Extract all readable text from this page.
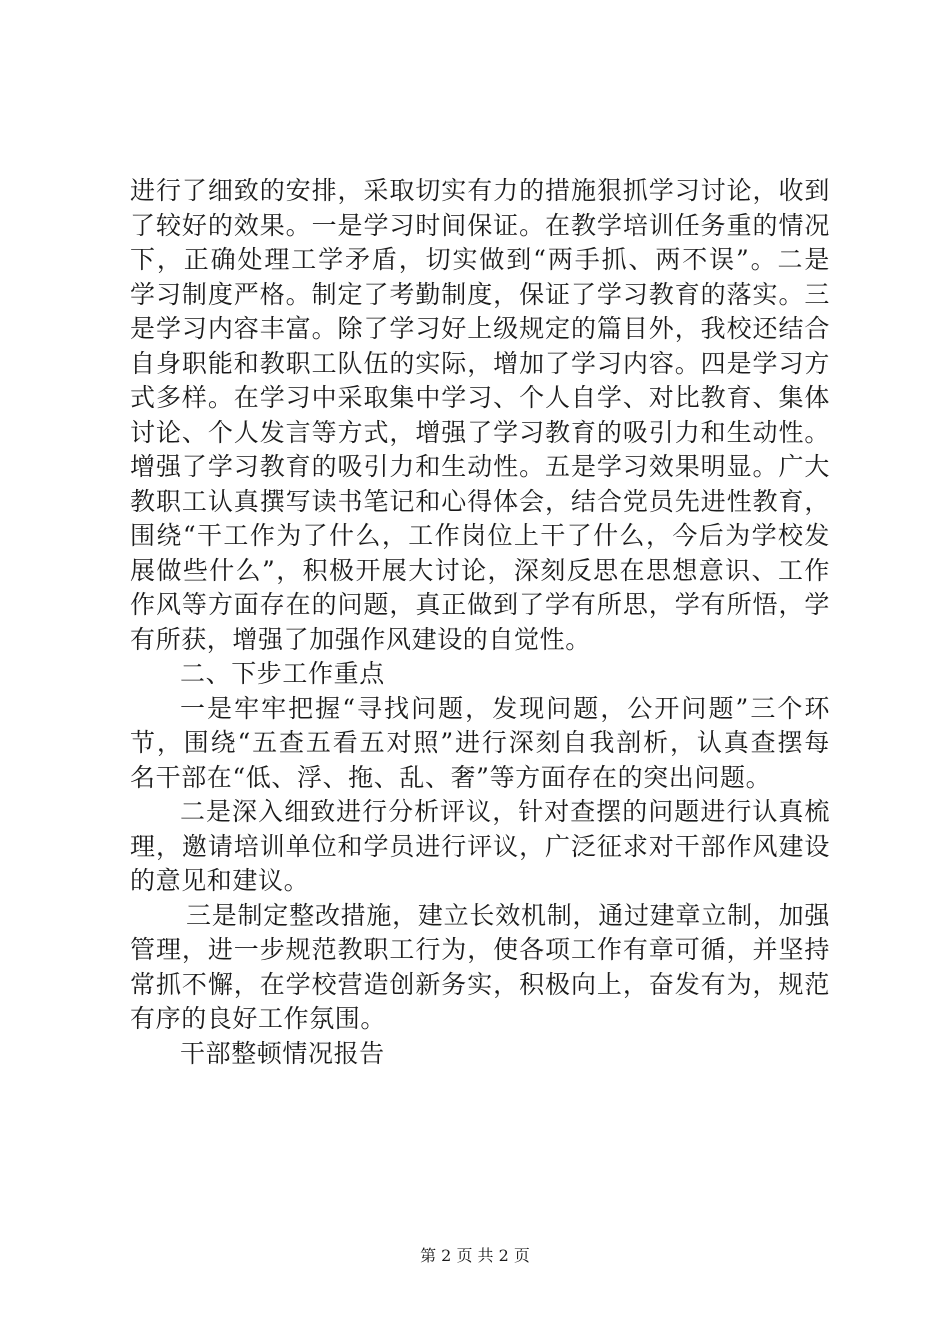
进行了细致的安排，采取切实有力的措施狠抓学习讨论，收到
了较好的效果。一是学习时间保证。在教学培训任务重的情况
下，正确处理工学矛盾，切实做到“两手抓、两不误”。二是
学习制度严格。制定了考勤制度，保证了学习教育的落实。三
是学习内容丰富。除了学习好上级规定的篇目外，我校还结合
自身职能和教职工队伍的实际，增加了学习内容。四是学习方
式多样。在学习中采取集中学习、个人自学、对比教育、集体
讨论、个人发言等方式，增强了学习教育的吸引力和生动性。
增强了学习教育的吸引力和生动性。五是学习效果明显。广大
教职工认真撰写读书笔记和心得体会，结合党员先进性教育，
围绕“干工作为了什么，工作岗位上干了什么，今后为学校发
展做些什么”，积极开展大讨论，深刻反思在思想意识、工作
作风等方面存在的问题，真正做到了学有所思，学有所悟，学
有所获，增强了加强作风建设的自觉性。
二、下步工作重点
一是牢牢把握“寻找问题，发现问题，公开问题”三个环
节，围绕“五查五看五对照”进行深刻自我剖析，认真查摆每
名干部在“低、浮、拖、乱、奢”等方面存在的突出问题。
二是深入细致进行分析评议，针对查摆的问题进行认真梳
理，邀请培训单位和学员进行评议，广泛征求对干部作风建设
的意见和建议。
三是制定整改措施，建立长效机制，通过建章立制，加强
管理，进一步规范教职工行为，使各项工作有章可循，并坚持
常抓不懈，在学校营造创新务实，积极向上，奋发有为，规范
有序的良好工作氛围。
干部整顿情况报告
第 2 页 共 2 页
